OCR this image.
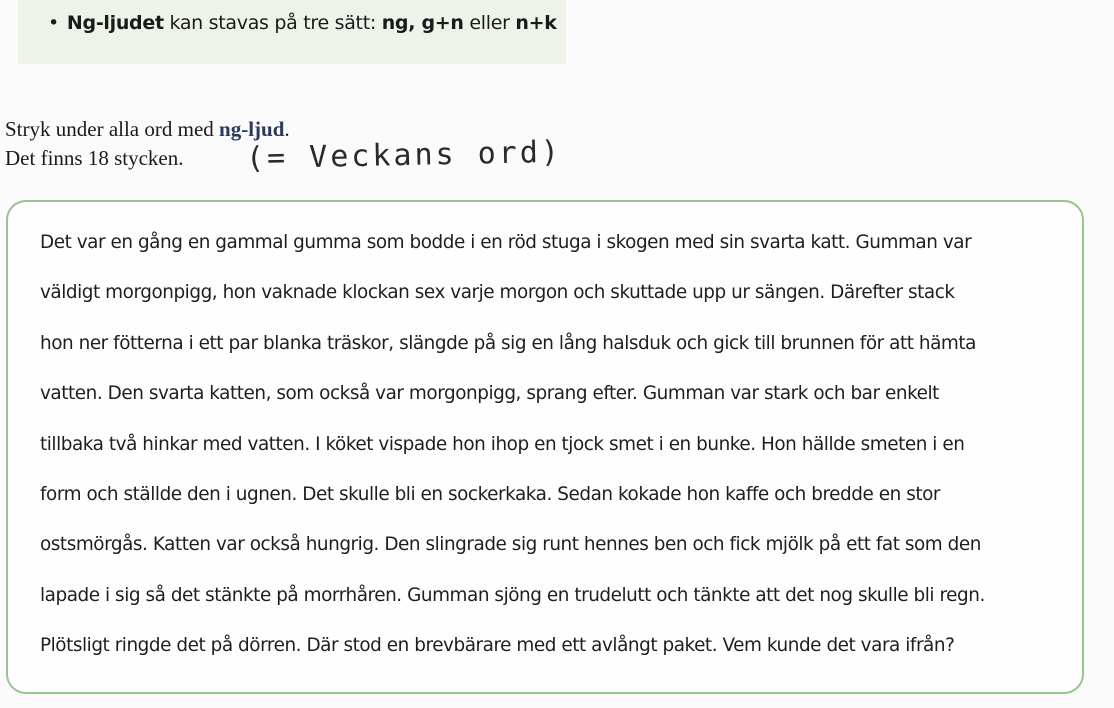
• Ng-ljudet kan stavas på tre sätt: ng, g+n eller n+k
Stryk under alla ord med ng-ljud.
Det finns 18 stycken. (= Veckans ord)
Det var en gång en gammal gumma som bodde i en röd stuga i skogen med sin svarta katt. Gumman var
väldigt morgonpigg, hon vaknade klockan sex varje morgon och skuttade upp ur sängen. Därefter stack
hon ner fötterna i ett par blanka träskor, slängde på sig en lång halsduk och gick till brunnen för att hämta
vatten. Den svarta katten, som också var morgonpigg, sprang efter. Gumman var stark och bar enkelt
tillbaka två hinkar med vatten. I köket vispade hon ihop en tjock smet i en bunke. Hon hällde smeten i en
form och ställde den i ugnen. Det skulle bli en sockerkaka. Sedan kokade hon kaffe och bredde en stor
ostsmörgås. Katten var också hungrig. Den slingrade sig runt hennes ben och fick mjölk på ett fat som den
lapade i sig så det stänkte på morrhåren. Gumman sjöng en trudelutt och tänkte att det nog skulle bli regn.
Plötsligt ringde det på dörren. Där stod en brevbärare med ett avlångt paket. Vem kunde det vara ifrån?
